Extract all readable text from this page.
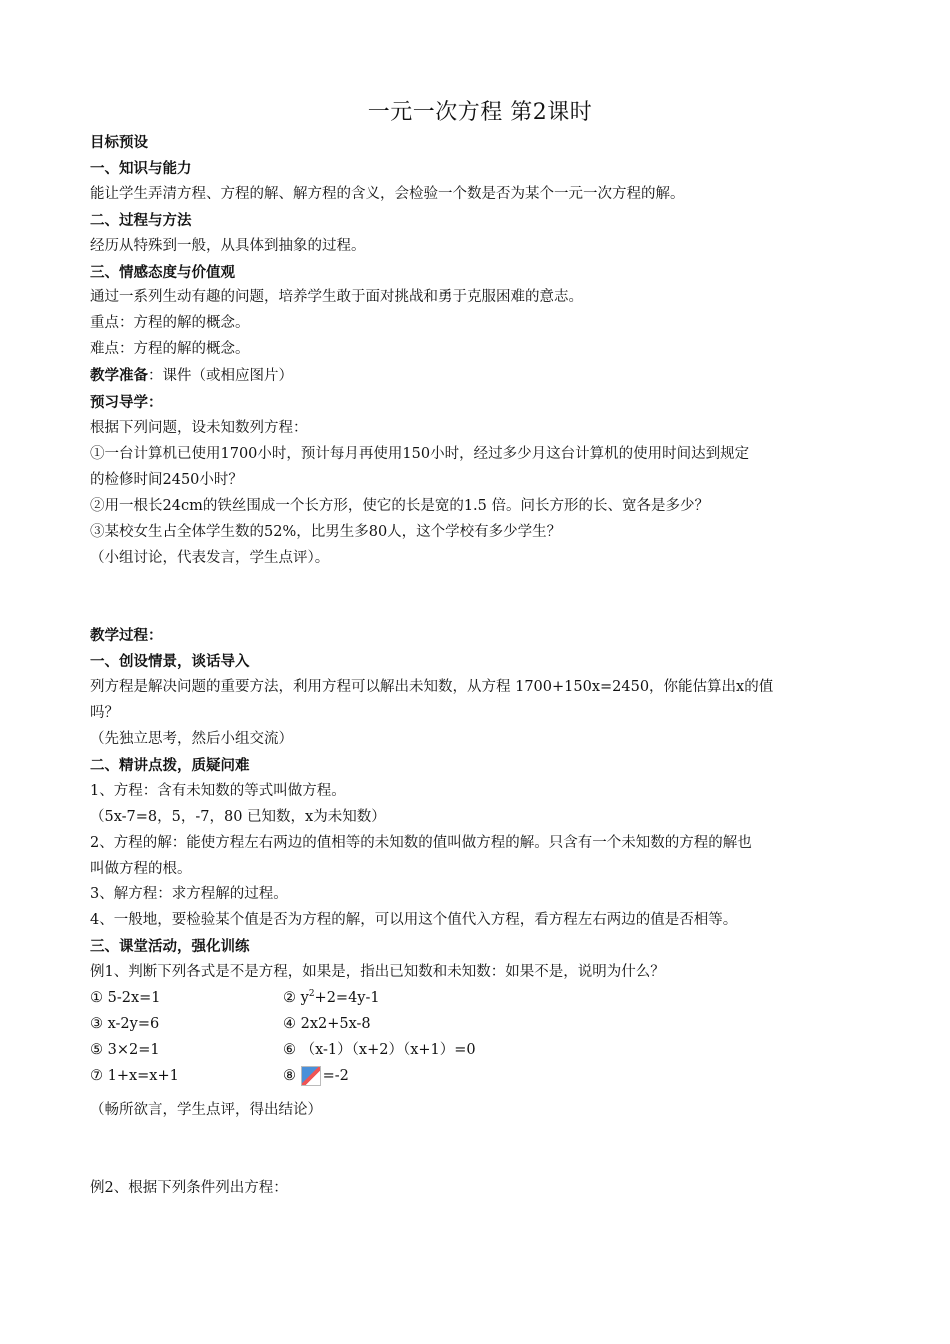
一元一次方程 第2课时

目标预设

一、知识与能力

能让学生弄清方程、方程的解、解方程的含义，会检验一个数是否为某个一元一次方程的解。

二、过程与方法

经历从特殊到一般，从具体到抽象的过程。

三、情感态度与价值观

通过一系列生动有趣的问题，培养学生敢于面对挑战和勇于克服困难的意志。

重点：方程的解的概念。

难点：方程的解的概念。

教学准备：课件（或相应图片）

预习导学：

根据下列问题，设未知数列方程：

①一台计算机已使用1700小时，预计每月再使用150小时，经过多少月这台计算机的使用时间达到规定

的检修时间2450小时？

②用一根长24cm的铁丝围成一个长方形，使它的长是宽的1.5 倍。问长方形的长、宽各是多少？

③某校女生占全体学生数的52%，比男生多80人，这个学校有多少学生？

（小组讨论，代表发言，学生点评）。

教学过程：

一、创设情景，谈话导入

列方程是解决问题的重要方法，利用方程可以解出未知数，从方程 1700+150x=2450，你能估算出x的值

吗？

（先独立思考，然后小组交流）

二、精讲点拨，质疑问难

1、方程：含有未知数的等式叫做方程。

（5x-7=8，5，-7，80 已知数，x为未知数）

2、方程的解：能使方程左右两边的值相等的未知数的值叫做方程的解。只含有一个未知数的方程的解也

叫做方程的根。

3、解方程：求方程解的过程。

4、一般地，要检验某个值是否为方程的解，可以用这个值代入方程，看方程左右两边的值是否相等。

三、课堂活动，强化训练

例1、判断下列各式是不是方程，如果是，指出已知数和未知数：如果不是，说明为什么？

① 5-2x=1	② $y^2+2=4y-1$
③ x-2y=6	④ 2x2+5x-8
⑤ 3×2=1	⑥ （x-1）（x+2）（x+1）=0
⑦ 1+x=x+1	⑧ =-2

（畅所欲言，学生点评，得出结论）

例2、根据下列条件列出方程：
